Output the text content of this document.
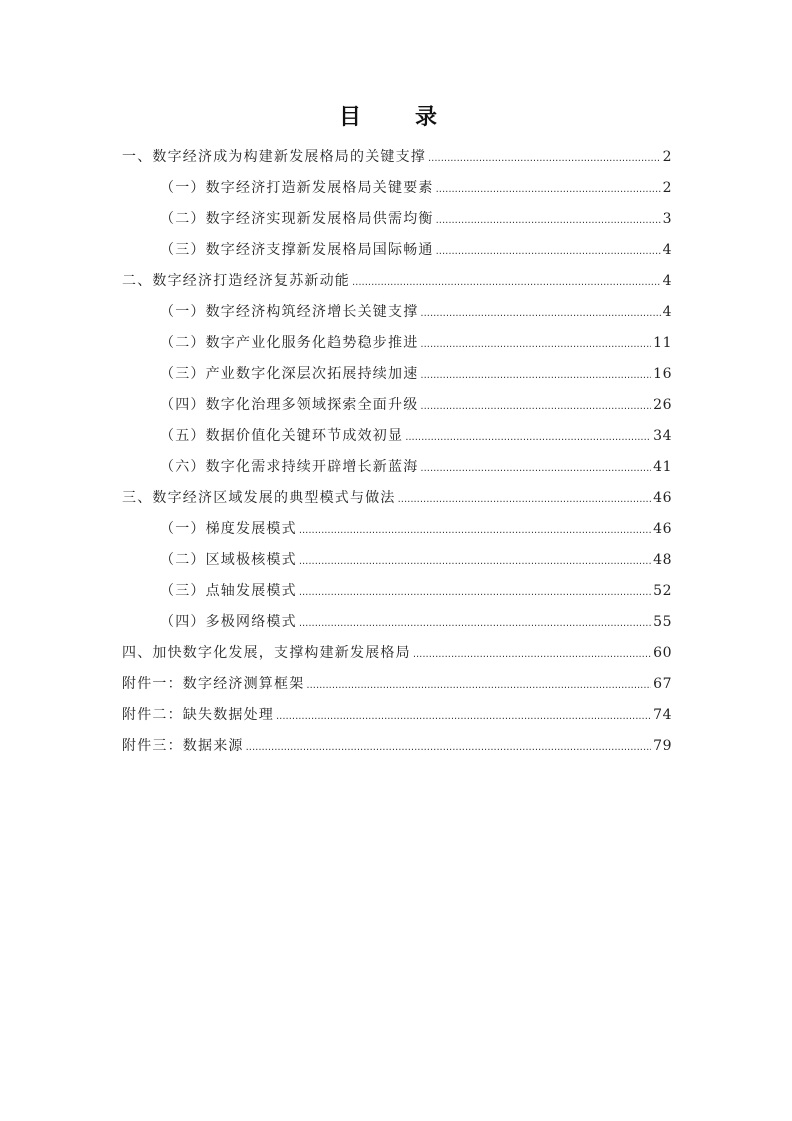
目　录
一、数字经济成为构建新发展格局的关键支撑 .....	2
（一）数字经济打造新发展格局关键要素 .....	2
（二）数字经济实现新发展格局供需均衡 .....	3
（三）数字经济支撑新发展格局国际畅通 .....	4
二、数字经济打造经济复苏新动能 .....	4
（一）数字经济构筑经济增长关键支撑 .....	4
（二）数字产业化服务化趋势稳步推进 .....	11
（三）产业数字化深层次拓展持续加速 .....	16
（四）数字化治理多领域探索全面升级 .....	26
（五）数据价值化关键环节成效初显 .....	34
（六）数字化需求持续开辟增长新蓝海 .....	41
三、数字经济区域发展的典型模式与做法 .....	46
（一）梯度发展模式 .....	46
（二）区域极核模式 .....	48
（三）点轴发展模式 .....	52
（四）多极网络模式 .....	55
四、加快数字化发展，支撑构建新发展格局 .....	60
附件一：数字经济测算框架 .....	67
附件二：缺失数据处理 .....	74
附件三：数据来源 .....	79
